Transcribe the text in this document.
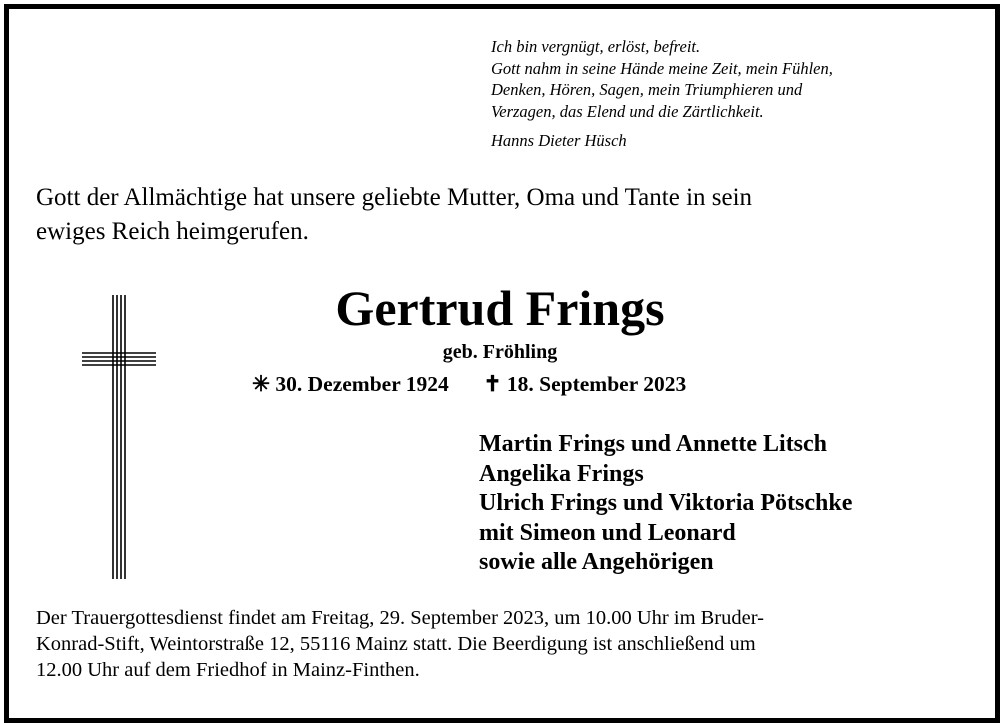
Ich bin vergnügt, erlöst, befreit.
Gott nahm in seine Hände meine Zeit, mein Fühlen,
Denken, Hören, Sagen, mein Triumphieren und
Verzagen, das Elend und die Zärtlichkeit.
Hanns Dieter Hüsch
Gott der Allmächtige hat unsere geliebte Mutter, Oma und Tante in sein
ewiges Reich heimgerufen.
Gertrud Frings
geb. Fröhling
✳ 30. Dezember 1924 ✝ 18. September 2023
Martin Frings und Annette Litsch
Angelika Frings
Ulrich Frings und Viktoria Pötschke
mit Simeon und Leonard
sowie alle Angehörigen
Der Trauergottesdienst findet am Freitag, 29. September 2023, um 10.00 Uhr im Bruder-
Konrad-Stift, Weintorstraße 12, 55116 Mainz statt. Die Beerdigung ist anschließend um
12.00 Uhr auf dem Friedhof in Mainz-Finthen.
